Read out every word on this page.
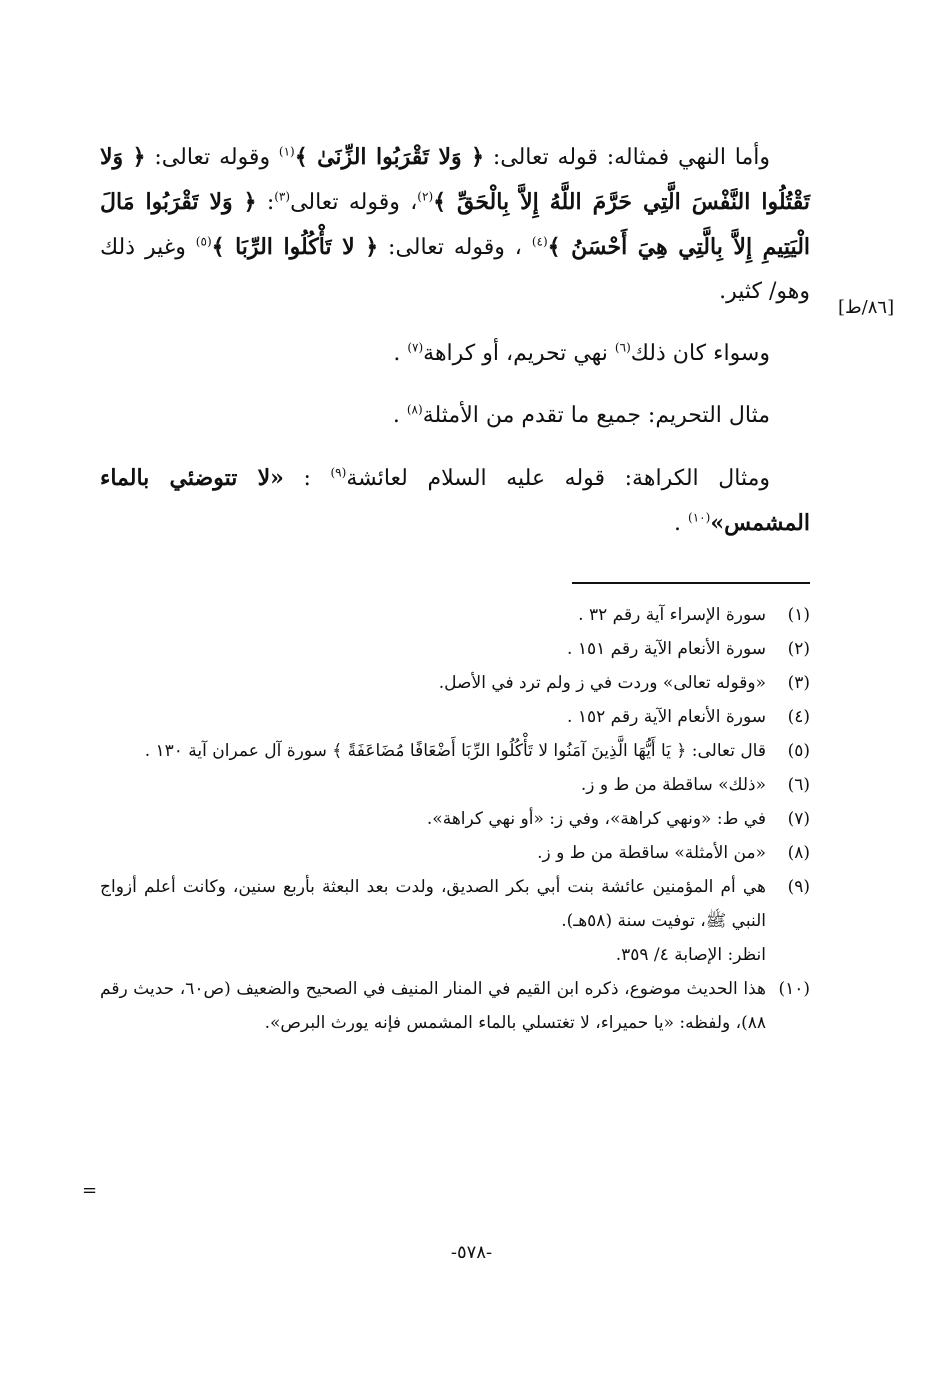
[٨٦/ط]

وأما النهي فمثاله: قوله تعالى: ﴿ وَلا تَقْرَبُوا الزِّنَىٰ ﴾$^{(١)}$ وقوله تعالى: ﴿ وَلا تَقْتُلُوا النَّفْسَ الَّتِي حَرَّمَ اللَّهُ إِلاَّ بِالْحَقِّ ﴾$^{(٢)}$، وقوله تعالى$^{(٣)}$: ﴿ وَلا تَقْرَبُوا مَالَ الْيَتِيمِ إِلاَّ بِالَّتِي هِيَ أَحْسَنُ ﴾$^{(٤)}$ ، وقوله تعالى: ﴿ لا تَأْكُلُوا الرِّبَا ﴾$^{(٥)}$ وغير ذلك وهو/ كثير.

وسواء كان ذلك$^{(٦)}$ نهي تحريم، أو كراهة$^{(٧)}$ .

مثال التحريم: جميع ما تقدم من الأمثلة$^{(٨)}$ .

ومثال الكراهة: قوله عليه السلام لعائشة$^{(٩)}$ : «لا تتوضئي بالماء المشمس»$^{(١٠)}$ .

(١)
سورة الإسراء آية رقم ٣٢ .
(٢)
سورة الأنعام الآية رقم ١٥١ .
(٣)
«وقوله تعالى» وردت في ز ولم ترد في الأصل.
(٤)
سورة الأنعام الآية رقم ١٥٢ .
(٥)
قال تعالى: ﴿ يَا أَيُّهَا الَّذِينَ آمَنُوا لا تَأْكُلُوا الرِّبَا أَضْعَافًا مُضَاعَفَةً ﴾ سورة آل عمران آية ١٣٠ .
(٦)
«ذلك» ساقطة من ط و ز.
(٧)
في ط: «ونهي كراهة»، وفي ز: «أو نهي كراهة».
(٨)
«من الأمثلة» ساقطة من ط و ز.
(٩)
هي أم المؤمنين عائشة بنت أبي بكر الصديق، ولدت بعد البعثة بأربع سنين، وكانت أعلم أزواج النبي ﷺ، توفيت سنة (٥٨هـ).
انظر: الإصابة ٤/ ٣٥٩.
(١٠)
هذا الحديث موضوع، ذكره ابن القيم في المنار المنيف في الصحيح والضعيف (ص٦٠، حديث رقم ٨٨)، ولفظه: «يا حميراء، لا تغتسلي بالماء المشمس فإنه يورث البرص».
=
-٥٧٨-
